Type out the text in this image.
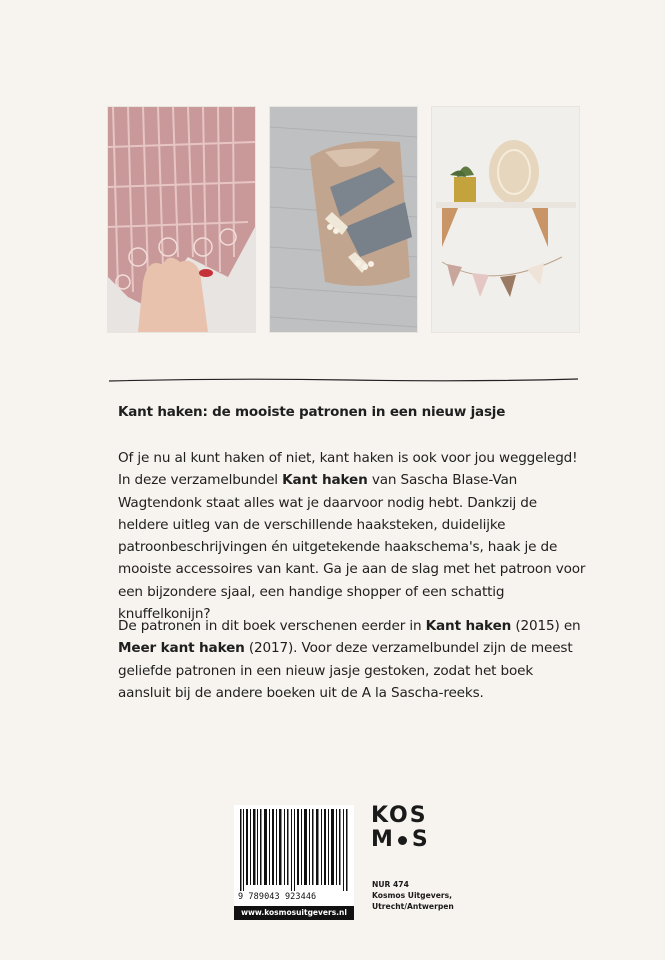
Kant haken: de mooiste patronen in een nieuw jasje

Of je nu al kunt haken of niet, kant haken is ook voor jou weggelegd! In deze verzamelbundel Kant haken van Sascha Blase-Van Wagtendonk staat alles wat je daarvoor nodig hebt. Dankzij de heldere uitleg van de verschillende haaksteken, duidelijke patroonbeschrijvingen én uitgetekende haakschema's, haak je de mooiste accessoires van kant. Ga je aan de slag met het patroon voor een bijzondere sjaal, een handige shopper of een schattig knuffelkonijn?

De patronen in dit boek verschenen eerder in Kant haken (2015) en Meer kant haken (2017). Voor deze verzamelbundel zijn de meest geliefde patronen in een nieuw jasje gestoken, zodat het boek aansluit bij de andere boeken uit de A la Sascha-reeks.

9 789043 923446
www.kosmosuitgevers.nl
KOS
M S
NUR 474
Kosmos Uitgevers,
Utrecht/Antwerpen
